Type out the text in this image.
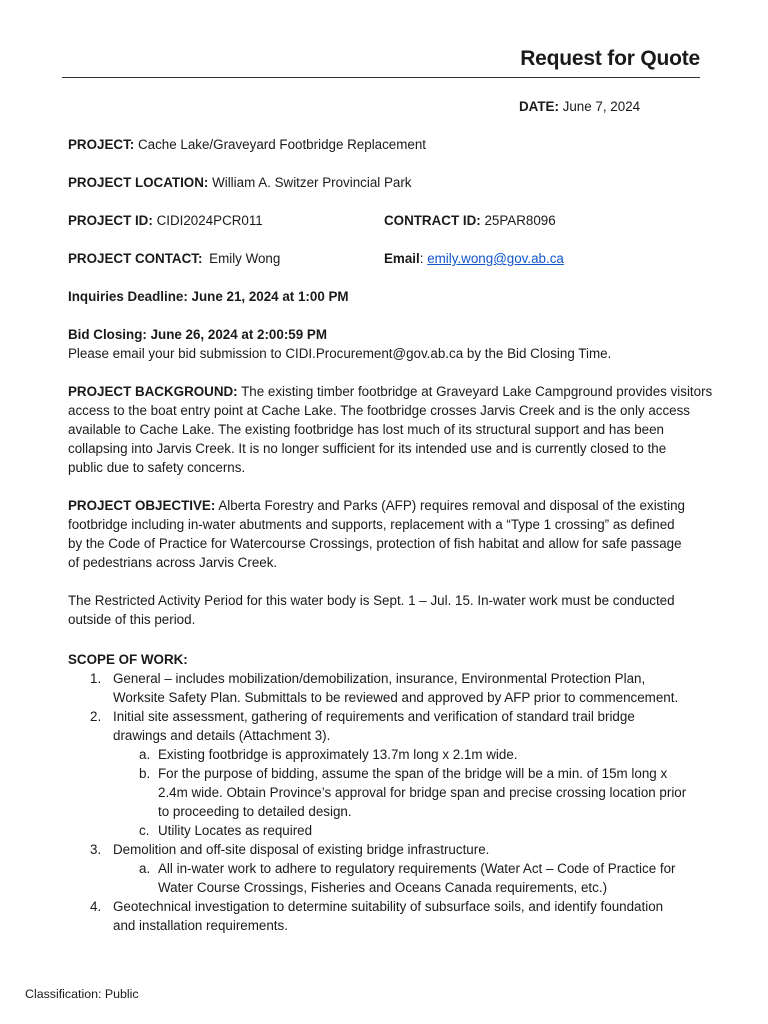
Request for Quote
DATE: June 7, 2024
PROJECT: Cache Lake/Graveyard Footbridge Replacement
PROJECT LOCATION: William A. Switzer Provincial Park
PROJECT ID: CIDI2024PCR011	CONTRACT ID: 25PAR8096
PROJECT CONTACT: Emily Wong	Email: emily.wong@gov.ab.ca
Inquiries Deadline: June 21, 2024 at 1:00 PM
Bid Closing: June 26, 2024 at 2:00:59 PM
Please email your bid submission to CIDI.Procurement@gov.ab.ca by the Bid Closing Time.

PROJECT BACKGROUND: The existing timber footbridge at Graveyard Lake Campground provides visitors

access to the boat entry point at Cache Lake. The footbridge crosses Jarvis Creek and is the only access

available to Cache Lake. The existing footbridge has lost much of its structural support and has been

collapsing into Jarvis Creek. It is no longer sufficient for its intended use and is currently closed to the

public due to safety concerns.

PROJECT OBJECTIVE: Alberta Forestry and Parks (AFP) requires removal and disposal of the existing

footbridge including in-water abutments and supports, replacement with a “Type 1 crossing” as defined

by the Code of Practice for Watercourse Crossings, protection of fish habitat and allow for safe passage

of pedestrians across Jarvis Creek.

The Restricted Activity Period for this water body is Sept. 1 – Jul. 15. In-water work must be conducted

outside of this period.

SCOPE OF WORK:
1. General – includes mobilization/demobilization, insurance, Environmental Protection Plan,
Worksite Safety Plan. Submittals to be reviewed and approved by AFP prior to commencement.
2. Initial site assessment, gathering of requirements and verification of standard trail bridge
drawings and details (Attachment 3).
a. Existing footbridge is approximately 13.7m long x 2.1m wide.
b. For the purpose of bidding, assume the span of the bridge will be a min. of 15m long x
2.4m wide. Obtain Province’s approval for bridge span and precise crossing location prior
to proceeding to detailed design.
c. Utility Locates as required
3. Demolition and off-site disposal of existing bridge infrastructure.
a. All in-water work to adhere to regulatory requirements (Water Act – Code of Practice for
Water Course Crossings, Fisheries and Oceans Canada requirements, etc.)
4. Geotechnical investigation to determine suitability of subsurface soils, and identify foundation
and installation requirements.
Classification: Public
